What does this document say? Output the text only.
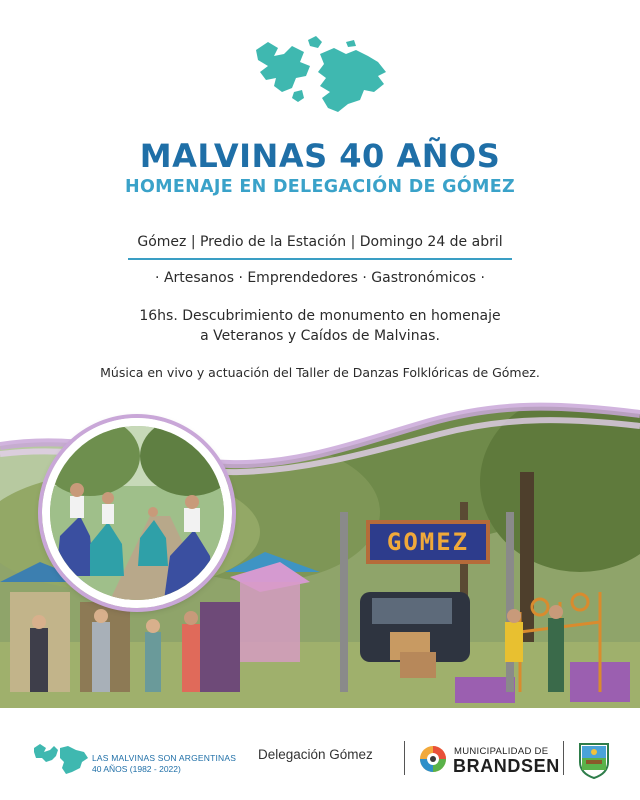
MALVINAS 40 AÑOS
HOMENAJE EN DELEGACIÓN DE GÓMEZ
Gómez | Predio de la Estación | Domingo 24 de abril
· Artesanos · Emprendedores · Gastronómicos ·
16hs. Descubrimiento de monumento en homenaje
a Veteranos y Caídos de Malvinas.
Música en vivo y actuación del Taller de Danzas Folklóricas de Gómez.
GOMEZ
LAS MALVINAS SON ARGENTINAS
40 AÑOS (1982 - 2022)
Delegación Gómez	MUNICIPALIDAD DE
BRANDSEN
